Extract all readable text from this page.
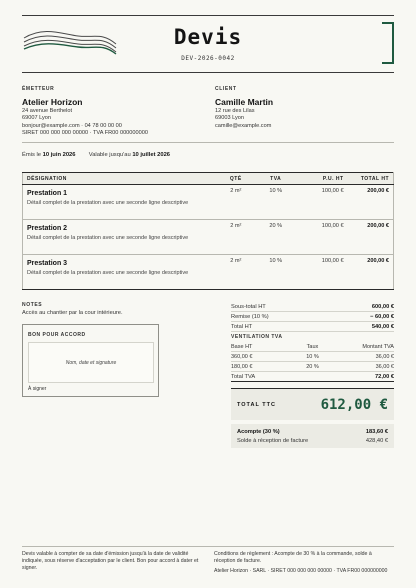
Devis
DEV-2026-0042
ÉMETTEUR
Atelier Horizon
24 avenue Berthelot
69007 Lyon
bonjour@example.com · 04 78 00 00 00
SIRET 000 000 000 00000 · TVA FR00 000000000
CLIENT
Camille Martin
12 rue des Lilas
69003 Lyon
camille@example.com
Émis le 10 juin 2026 Valable jusqu'au 10 juillet 2026
DÉSIGNATION	QTÉ	TVA	P.U. HT	TOTAL HT

Prestation 1
Détail complet de la prestation avec une seconde ligne descriptive	2 m²	10 %	100,00 €	200,00 €

Prestation 2
Détail complet de la prestation avec une seconde ligne descriptive	2 m²	20 %	100,00 €	200,00 €

Prestation 3
Détail complet de la prestation avec une seconde ligne descriptive	2 m²	10 %	100,00 €	200,00 €
NOTES
Accès au chantier par la cour intérieure.
BON POUR ACCORD
Nom, date et signature
À signer
Sous-total HT	600,00 €
Remise (10 %)	− 60,00 €
Total HT	540,00 €
VENTILATION TVA
Base HT	Taux	Montant TVA
360,00 €	10 %	36,00 €
180,00 €	20 %	36,00 €
Total TVA	72,00 €
TOTAL TTC	612,00 €
Acompte (30 %)	183,60 €
Solde à réception de facture	428,40 €
Devis valable à compter de sa date d'émission jusqu'à la date de validité indiquée, sous réserve d'acceptation par le client. Bon pour accord à dater et signer.
Conditions de règlement : Acompte de 30 % à la commande, solde à réception de facture.
Atelier Horizon · SARL · SIRET 000 000 000 00000 · TVA FR00 000000000
